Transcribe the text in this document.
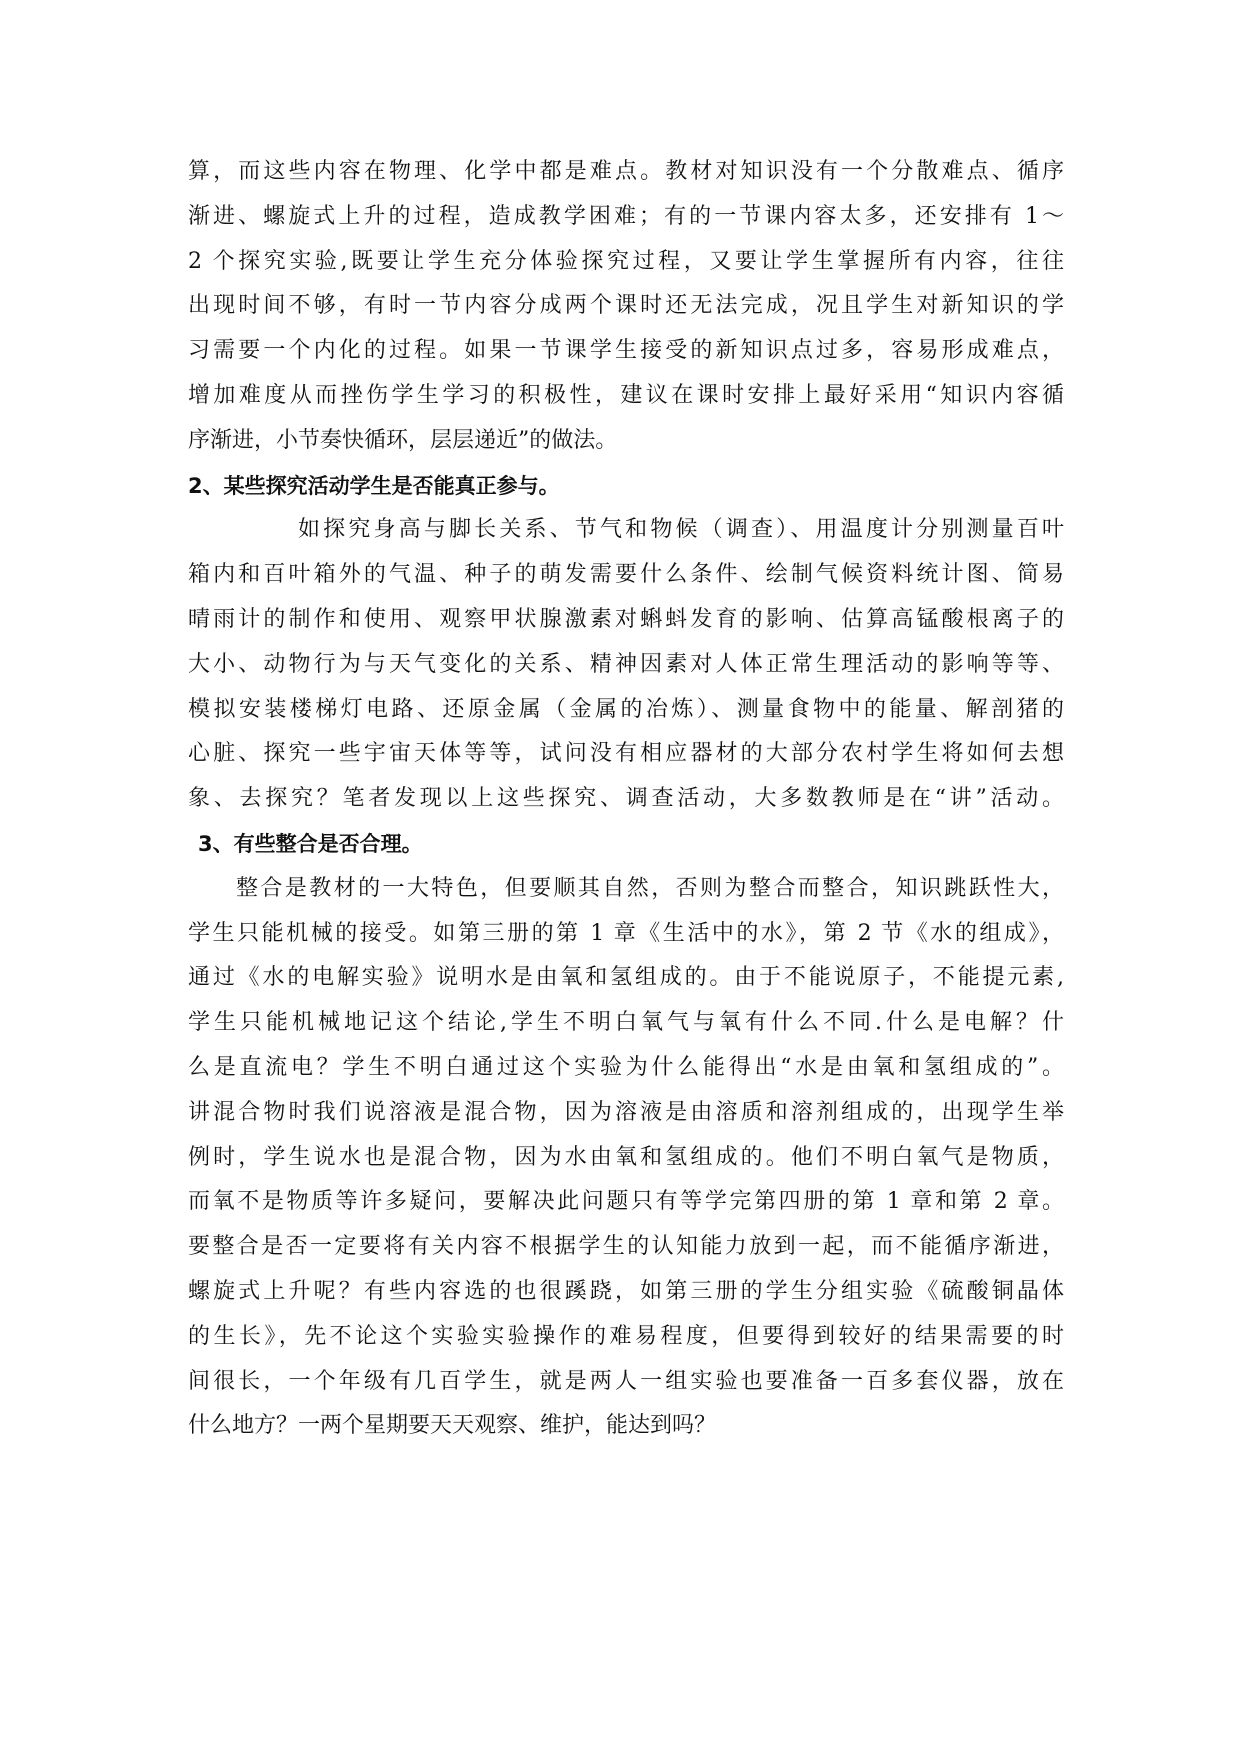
算，而这些内容在物理、化学中都是难点。教材对知识没有一个分散难点、循序
渐进、螺旋式上升的过程，造成教学困难；有的一节课内容太多，还安排有 1～
2 个探究实验,既要让学生充分体验探究过程，又要让学生掌握所有内容，往往
出现时间不够，有时一节内容分成两个课时还无法完成，况且学生对新知识的学
习需要一个内化的过程。如果一节课学生接受的新知识点过多，容易形成难点，
增加难度从而挫伤学生学习的积极性，建议在课时安排上最好采用“知识内容循
序渐进，小节奏快循环，层层递近”的做法。
2、某些探究活动学生是否能真正参与。
如探究身高与脚长关系、节气和物候（调查）、用温度计分别测量百叶
箱内和百叶箱外的气温、种子的萌发需要什么条件、绘制气候资料统计图、简易
晴雨计的制作和使用、观察甲状腺激素对蝌蚪发育的影响、估算高锰酸根离子的
大小、动物行为与天气变化的关系、精神因素对人体正常生理活动的影响等等、
模拟安装楼梯灯电路、还原金属（金属的冶炼）、测量食物中的能量、解剖猪的
心脏、探究一些宇宙天体等等，试问没有相应器材的大部分农村学生将如何去想
象、去探究？笔者发现以上这些探究、调查活动，大多数教师是在“讲”活动。
3、有些整合是否合理。
整合是教材的一大特色，但要顺其自然，否则为整合而整合，知识跳跃性大，
学生只能机械的接受。如第三册的第 1 章《生活中的水》，第 2 节《水的组成》，
通过《水的电解实验》说明水是由氧和氢组成的。由于不能说原子，不能提元素,
学生只能机械地记这个结论,学生不明白氧气与氧有什么不同.什么是电解？什
么是直流电？学生不明白通过这个实验为什么能得出“水是由氧和氢组成的”。
讲混合物时我们说溶液是混合物，因为溶液是由溶质和溶剂组成的，出现学生举
例时，学生说水也是混合物，因为水由氧和氢组成的。他们不明白氧气是物质，
而氧不是物质等许多疑问，要解决此问题只有等学完第四册的第 1 章和第 2 章。
要整合是否一定要将有关内容不根据学生的认知能力放到一起，而不能循序渐进，
螺旋式上升呢？有些内容选的也很蹊跷，如第三册的学生分组实验《硫酸铜晶体
的生长》，先不论这个实验实验操作的难易程度，但要得到较好的结果需要的时
间很长，一个年级有几百学生，就是两人一组实验也要准备一百多套仪器，放在
什么地方？一两个星期要天天观察、维护，能达到吗？
